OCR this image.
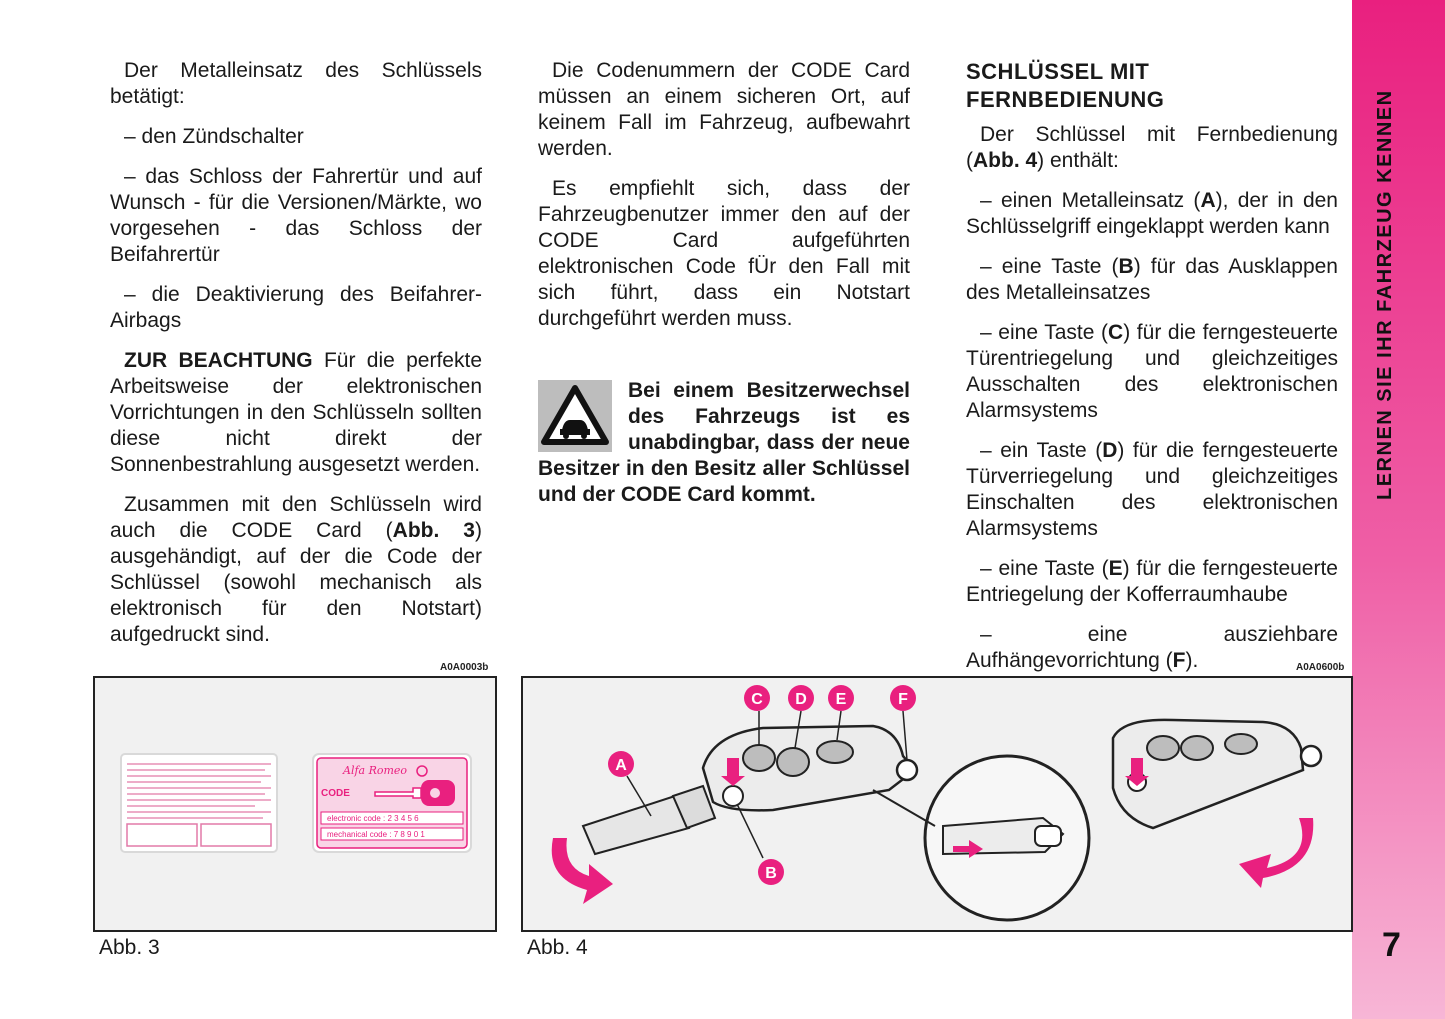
Der Metalleinsatz des Schlüssels betätigt:

– den Zündschalter

– das Schloss der Fahrertür und auf Wunsch - für die Versionen/Märkte, wo vorgesehen - das Schloss der Beifahrertür

– die Deaktivierung des Beifahrer-Airbags

ZUR BEACHTUNG Für die perfekte Arbeitsweise der elektronischen Vorrichtungen in den Schlüsseln sollten diese nicht direkt der Sonnenbestrahlung ausgesetzt werden.

Zusammen mit den Schlüsseln wird auch die CODE Card (Abb. 3) ausgehändigt, auf der die Code der Schlüssel (sowohl mechanisch als elektronisch für den Notstart) aufgedruckt sind.

Die Codenummern der CODE Card müssen an einem sicheren Ort, auf keinem Fall im Fahrzeug, aufbewahrt werden.

Es empfiehlt sich, dass der Fahrzeugbenutzer immer den auf der CODE Card aufgeführten elektronischen Code fÜr den Fall mit sich führt, dass ein Notstart durchgeführt werden muss.

Bei einem Besitzerwechsel des Fahrzeugs ist es unabdingbar, dass der neue Besitzer in den Besitz aller Schlüssel und der CODE Card kommt.
SCHLÜSSEL MIT
FERNBEDIENUNG

Der Schlüssel mit Fernbedienung (Abb. 4) enthält:

– einen Metalleinsatz (A), der in den Schlüsselgriff eingeklappt werden kann

– eine Taste (B) für das Ausklappen des Metalleinsatzes

– eine Taste (C) für die ferngesteuerte Türentriegelung und gleichzeitiges Ausschalten des elektronischen Alarmsystems

– ein Taste (D) für die ferngesteuerte Türverriegelung und gleichzeitiges Einschalten des elektronischen Alarmsystems

– eine Taste (E) für die ferngesteuerte Entriegelung der Kofferraumhaube

– eine ausziehbare Aufhängevorrichtung (F).

LERNEN SIE IHR FAHRZEUG KENNEN
7
A0A0003b
Alfa Romeo
CODE
electronic code : 2 3 4 5 6
mechanical code : 7 8 9 0 1
Abb. 3
A0A0600b
A
B
C D E	F
Abb. 4
